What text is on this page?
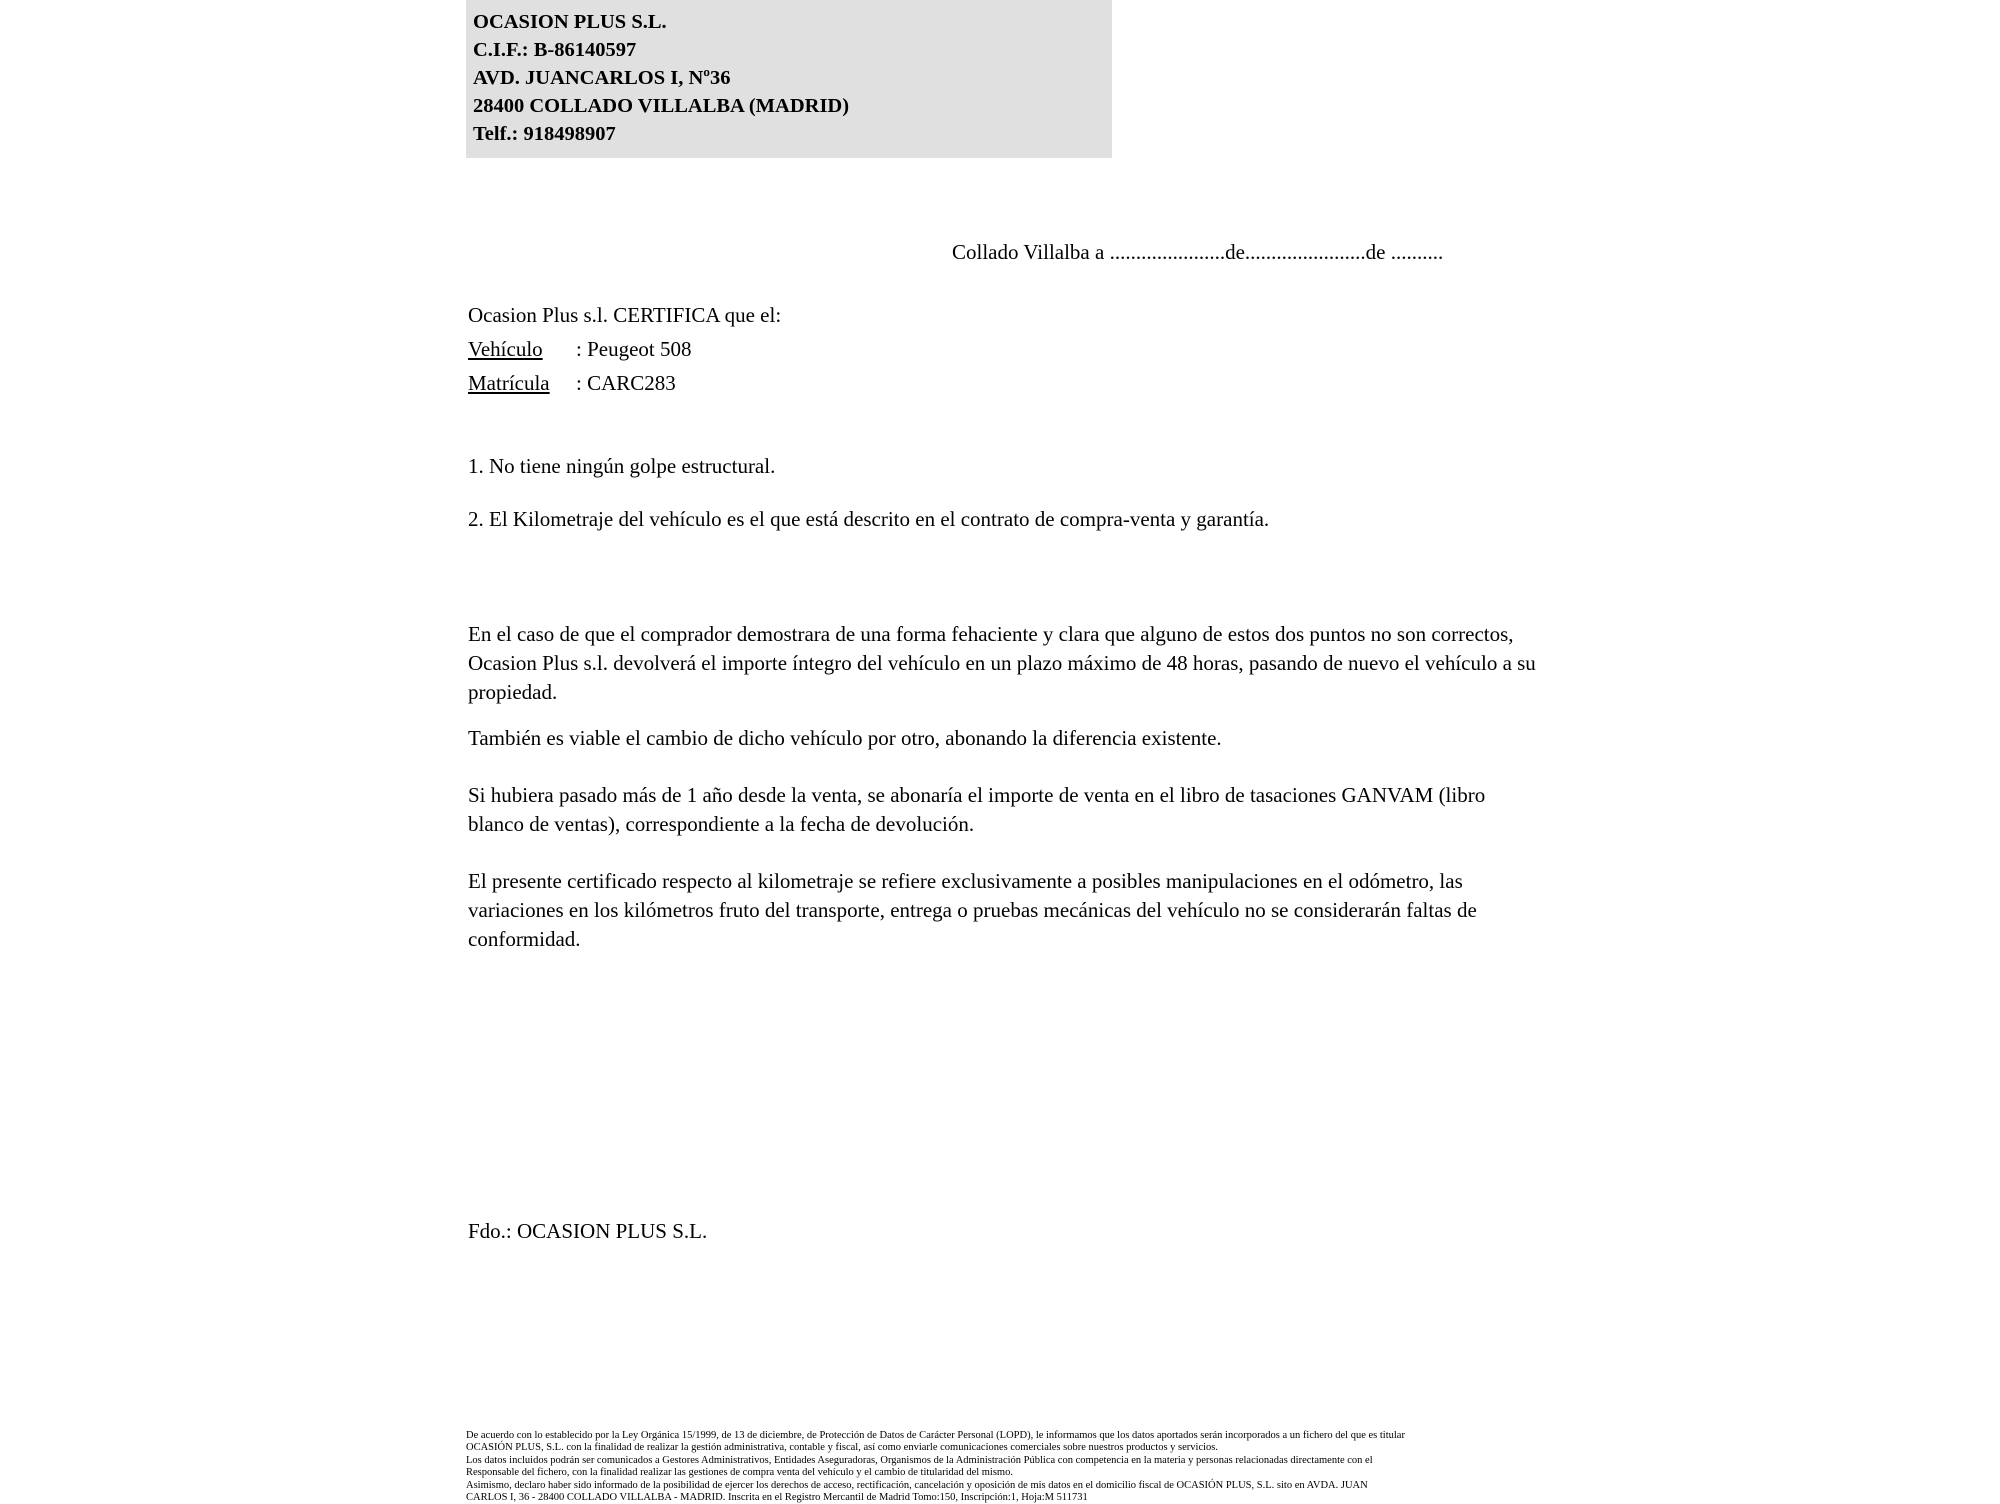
OCASION PLUS S.L.
C.I.F.: B-86140597
AVD. JUANCARLOS I, Nº36
28400 COLLADO VILLALBA (MADRID)
Telf.: 918498907
Collado Villalba a ......................de.......................de ..........
Ocasion Plus s.l. CERTIFICA que el:
Vehículo : Peugeot 508
Matrícula : CARC283
1. No tiene ningún golpe estructural.
2. El Kilometraje del vehículo es el que está descrito en el contrato de compra-venta y garantía.
En el caso de que el comprador demostrara de una forma fehaciente y clara que alguno de estos dos puntos no son correctos, Ocasion Plus s.l. devolverá el importe íntegro del vehículo en un plazo máximo de 48 horas, pasando de nuevo el vehículo a su propiedad.
También es viable el cambio de dicho vehículo por otro, abonando la diferencia existente.
Si hubiera pasado más de 1 año desde la venta, se abonaría el importe de venta en el libro de tasaciones GANVAM (libro blanco de ventas), correspondiente a la fecha de devolución.
El presente certificado respecto al kilometraje se refiere exclusivamente a posibles manipulaciones en el odómetro, las variaciones en los kilómetros fruto del transporte, entrega o pruebas mecánicas del vehículo no se considerarán faltas de conformidad.
Fdo.: OCASION PLUS S.L.

De acuerdo con lo establecido por la Ley Orgánica 15/1999, de 13 de diciembre, de Protección de Datos de Carácter Personal (LOPD), le informamos que los datos aportados serán incorporados a un fichero del que es titular

OCASIÓN PLUS, S.L. con la finalidad de realizar la gestión administrativa, contable y fiscal, así como enviarle comunicaciones comerciales sobre nuestros productos y servicios.

Los datos incluidos podrán ser comunicados a Gestores Administrativos, Entidades Aseguradoras, Organismos de la Administración Pública con competencia en la materia y personas relacionadas directamente con el

Responsable del fichero, con la finalidad realizar las gestiones de compra venta del vehículo y el cambio de titularidad del mismo.

Asimismo, declaro haber sido informado de la posibilidad de ejercer los derechos de acceso, rectificación, cancelación y oposición de mis datos en el domicilio fiscal de OCASIÓN PLUS, S.L. sito en AVDA. JUAN

CARLOS I, 36 - 28400 COLLADO VILLALBA - MADRID. Inscrita en el Registro Mercantil de Madrid Tomo:150, Inscripción:1, Hoja:M 511731
